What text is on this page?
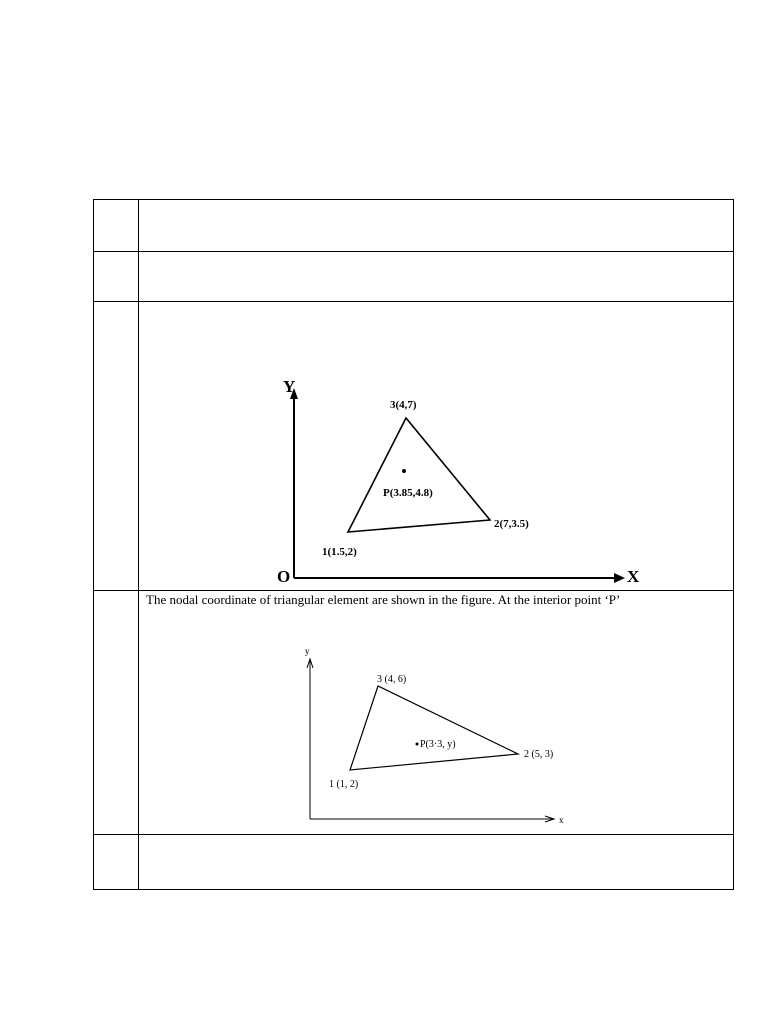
Y
X
O
3(4,7)
P(3.85,4.8)
2(7,3.5)
1(1.5,2)
The nodal coordinate of triangular element are shown in the figure. At the interior point ‘P’
y
x
3 (4, 6)
P(3·3, y)
2 (5, 3)
1 (1, 2)
